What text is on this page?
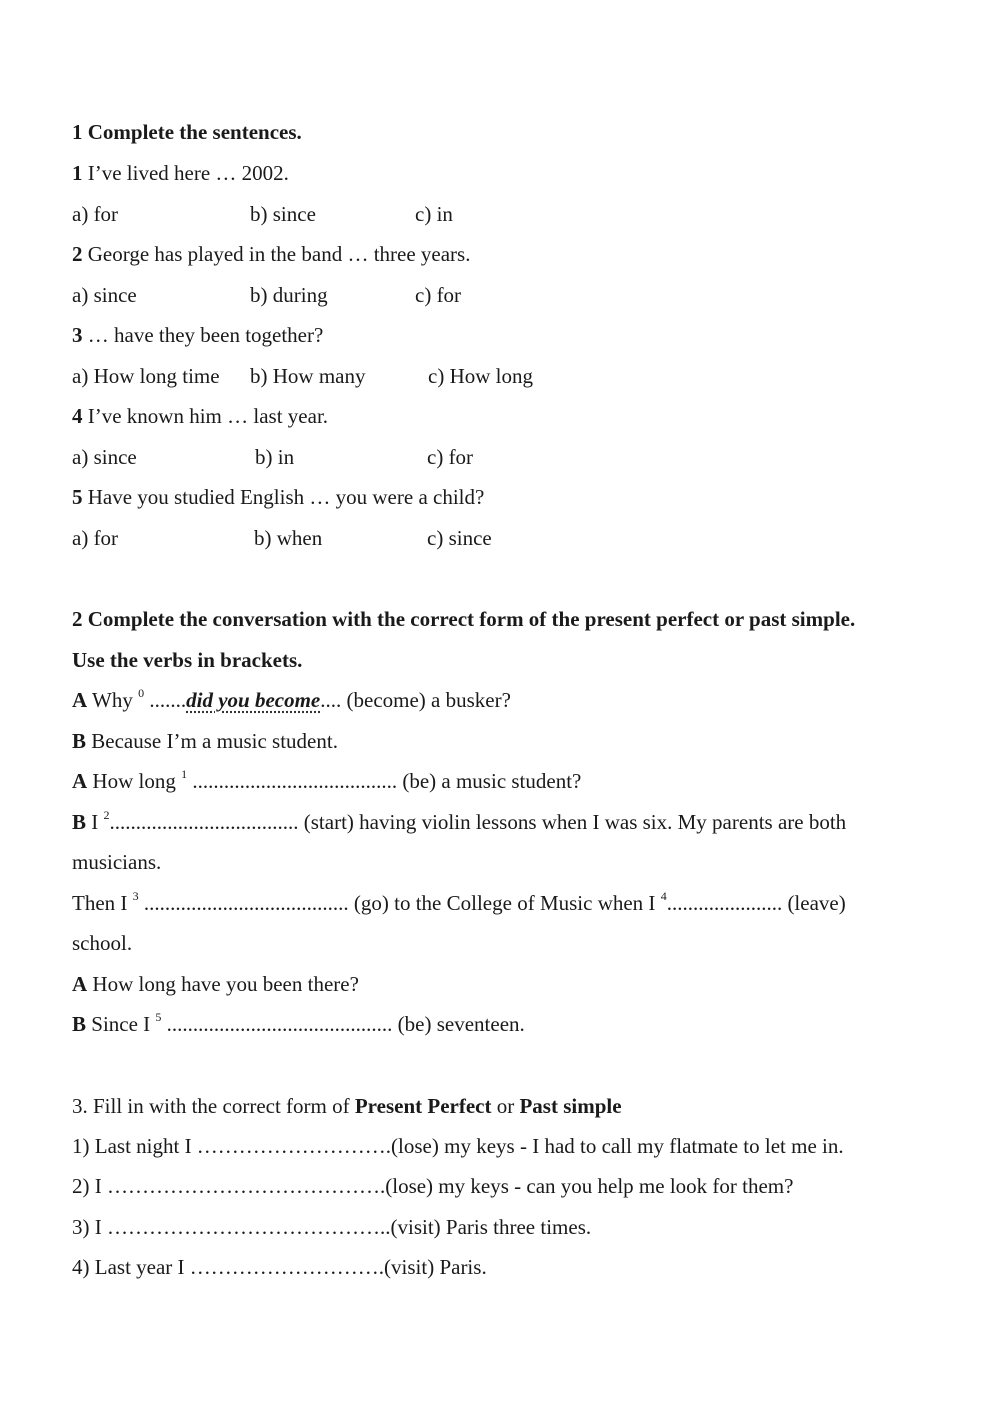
1 Complete the sentences.
1 I’ve lived here … 2002.

a) for

	b) since

	c) in

2 George has played in the band … three years.

a) since

	b) during

	c) for

3 … have they been together?

a) How long time

b) How many

	c) How long

4 I’ve known him … last year.

a) since

	b) in

	c) for

5 Have you studied English … you were a child?

a) for

	b) when

	c) since

2 Complete the conversation with the correct form of the present perfect or past simple.
Use the verbs in brackets.
A Why $^0$ .......did you become.... (become) a busker?
B Because I’m a music student.
A How long $^1$ ....................................... (be) a music student?
B I $^2$.................................... (start) having violin lessons when I was six. My parents are both
musicians.
Then I $^3$ ....................................... (go) to the College of Music when I $^4$...................... (leave)
school.
A How long have you been there?
B Since I $^5$ ........................................... (be) seventeen.
3. Fill in with the correct form of Present Perfect or Past simple
1) Last night I ……………………….(lose) my keys - I had to call my flatmate to let me in.
2) I ………………………………….(lose) my keys - can you help me look for them?
3) I …………………………………..(visit) Paris three times.
4) Last year I ……………………….(visit) Paris.
